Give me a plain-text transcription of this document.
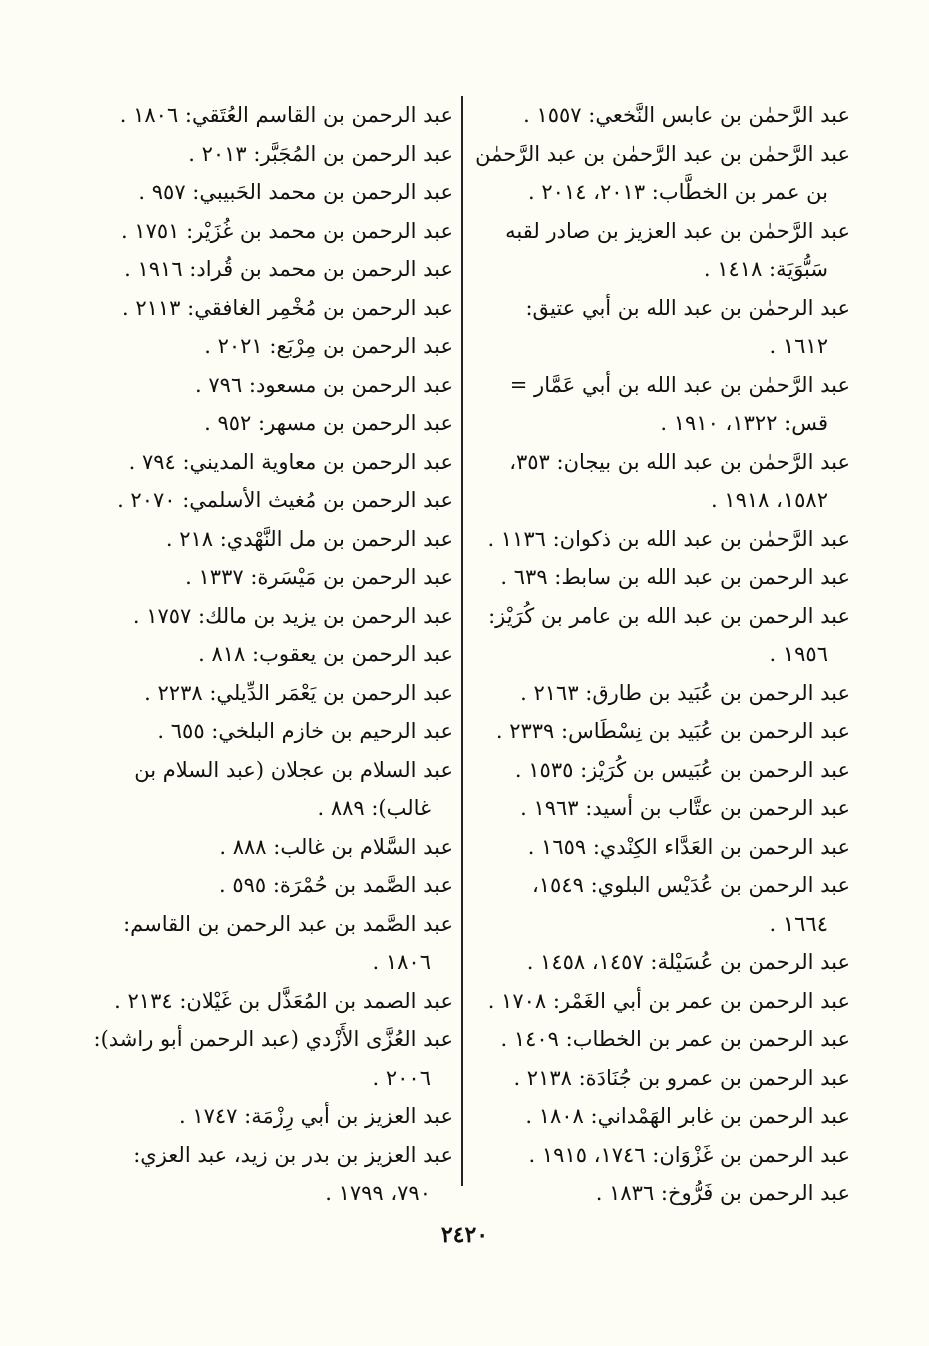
عبد الرَّحمٰن بن عابس النَّخعي: ١٥٥٧ .
عبد الرَّحمٰن بن عبد الرَّحمٰن بن عبد الرَّحمٰن
بن عمر بن الخطَّاب: ٢٠١٣، ٢٠١٤ .
عبد الرَّحمٰن بن عبد العزيز بن صادر لقبه
سَبُّوَيَة: ١٤١٨ .
عبد الرحمٰن بن عبد الله بن أبي عتيق:
١٦١٢ .
عبد الرَّحمٰن بن عبد الله بن أبي عَمَّار =
قس: ١٣٢٢، ١٩١٠ .
عبد الرَّحمٰن بن عبد الله بن بيجان: ٣٥٣،
١٥٨٢، ١٩١٨ .
عبد الرَّحمٰن بن عبد الله بن ذكوان: ١١٣٦ .
عبد الرحمن بن عبد الله بن سابط: ٦٣٩ .
عبد الرحمن بن عبد الله بن عامر بن كُرَيْز:
١٩٥٦ .
عبد الرحمن بن عُبَيد بن طارق: ٢١٦٣ .
عبد الرحمن بن عُبَيد بن نِسْطَاس: ٢٣٣٩ .
عبد الرحمن بن عُبَيس بن كُرَيْز: ١٥٣٥ .
عبد الرحمن بن عتَّاب بن أسيد: ١٩٦٣ .
عبد الرحمن بن العَدَّاء الكِنْدي: ١٦٥٩ .
عبد الرحمن بن عُدَيْس البلوي: ١٥٤٩،
١٦٦٤ .
عبد الرحمن بن عُسَيْلة: ١٤٥٧، ١٤٥٨ .
عبد الرحمن بن عمر بن أبي الغَمْر: ١٧٠٨ .
عبد الرحمن بن عمر بن الخطاب: ١٤٠٩ .
عبد الرحمن بن عمرو بن جُنَادَة: ٢١٣٨ .
عبد الرحمن بن غابر الهَمْداني: ١٨٠٨ .
عبد الرحمن بن غَزْوَان: ١٧٤٦، ١٩١٥ .
عبد الرحمن بن فَرُّوخ: ١٨٣٦ .
عبد الرحمن بن القاسم العُتَقي: ١٨٠٦ .
عبد الرحمن بن المُجَبَّر: ٢٠١٣ .
عبد الرحمن بن محمد الحَبيبي: ٩٥٧ .
عبد الرحمن بن محمد بن غُزَيْر: ١٧٥١ .
عبد الرحمن بن محمد بن قُراد: ١٩١٦ .
عبد الرحمن بن مُخْمِر الغافقي: ٢١١٣ .
عبد الرحمن بن مِرْبَع: ٢٠٢١ .
عبد الرحمن بن مسعود: ٧٩٦ .
عبد الرحمن بن مسهر: ٩٥٢ .
عبد الرحمن بن معاوية المديني: ٧٩٤ .
عبد الرحمن بن مُغيث الأسلمي: ٢٠٧٠ .
عبد الرحمن بن مل النَّهْدي: ٢١٨ .
عبد الرحمن بن مَيْسَرة: ١٣٣٧ .
عبد الرحمن بن يزيد بن مالك: ١٧٥٧ .
عبد الرحمن بن يعقوب: ٨١٨ .
عبد الرحمن بن يَعْمَر الدِّيلي: ٢٢٣٨ .
عبد الرحيم بن خازم البلخي: ٦٥٥ .
عبد السلام بن عجلان (عبد السلام بن
غالب): ٨٨٩ .
عبد السَّلام بن غالب: ٨٨٨ .
عبد الصَّمد بن حُمْرَة: ٥٩٥ .
عبد الصَّمد بن عبد الرحمن بن القاسم:
١٨٠٦ .
عبد الصمد بن المُعَذَّل بن غَيْلان: ٢١٣٤ .
عبد العُزَّى الأَزْدي (عبد الرحمن أبو راشد):
٢٠٠٦ .
عبد العزيز بن أبي رِزْمَة: ١٧٤٧ .
عبد العزيز بن بدر بن زيد، عبد العزي:
٧٩٠، ١٧٩٩ .
٢٤٢٠
